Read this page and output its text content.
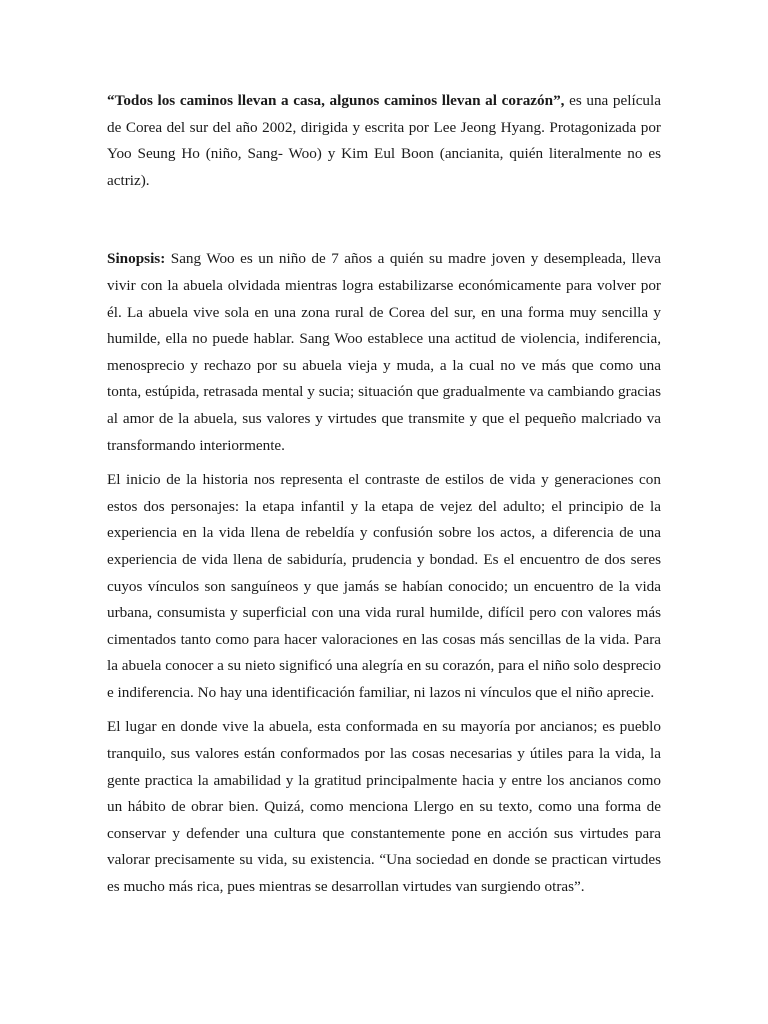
“Todos los caminos llevan a casa, algunos caminos llevan al corazón”, es una película de Corea del sur del año 2002, dirigida y escrita por Lee Jeong Hyang. Protagonizada por Yoo Seung Ho (niño, Sang- Woo) y Kim Eul Boon (ancianita, quién literalmente no es actriz).

Sinopsis: Sang Woo es un niño de 7 años a quién su madre joven y desempleada, lleva vivir con la abuela olvidada mientras logra estabilizarse económicamente para volver por él. La abuela vive sola en una zona rural de Corea del sur, en una forma muy sencilla y humilde, ella no puede hablar. Sang Woo establece una actitud de violencia, indiferencia, menosprecio y rechazo por su abuela vieja y muda, a la cual no ve más que como una tonta, estúpida, retrasada mental y sucia; situación que gradualmente va cambiando gracias al amor de la abuela, sus valores y virtudes que transmite y que el pequeño malcriado va transformando interiormente.

El inicio de la historia nos representa el contraste de estilos de vida y generaciones con estos dos personajes: la etapa infantil y la etapa de vejez del adulto; el principio de la experiencia en la vida llena de rebeldía y confusión sobre los actos, a diferencia de una experiencia de vida llena de sabiduría, prudencia y bondad. Es el encuentro de dos seres cuyos vínculos son sanguíneos y que jamás se habían conocido; un encuentro de la vida urbana, consumista y superficial con una vida rural humilde, difícil pero con valores más cimentados tanto como para hacer valoraciones en las cosas más sencillas de la vida. Para la abuela conocer a su nieto significó una alegría en su corazón, para el niño solo desprecio e indiferencia. No hay una identificación familiar, ni lazos ni vínculos que el niño aprecie.

El lugar en donde vive la abuela, esta conformada en su mayoría por ancianos; es pueblo tranquilo, sus valores están conformados por las cosas necesarias y útiles para la vida, la gente practica la amabilidad y la gratitud principalmente hacia y entre los ancianos como un hábito de obrar bien. Quizá, como menciona Llergo en su texto, como una forma de conservar y defender una cultura que constantemente pone en acción sus virtudes para valorar precisamente su vida, su existencia. “Una sociedad en donde se practican virtudes es mucho más rica, pues mientras se desarrollan virtudes van surgiendo otras”.
